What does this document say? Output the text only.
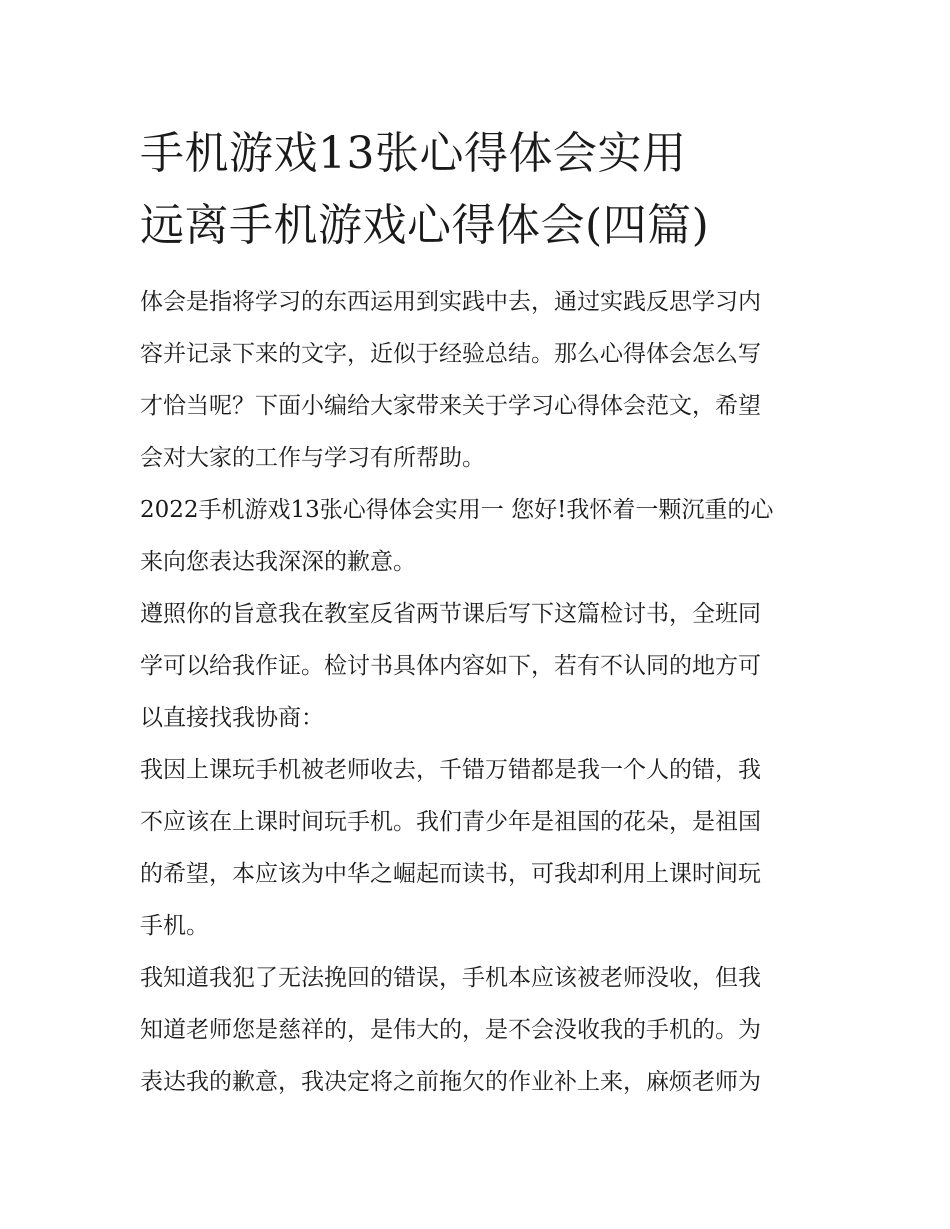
手机游戏13张心得体会实用
远离手机游戏心得体会(四篇)

体会是指将学习的东西运用到实践中去，通过实践反思学习内
容并记录下来的文字，近似于经验总结。那么心得体会怎么写
才恰当呢？下面小编给大家带来关于学习心得体会范文，希望
会对大家的工作与学习有所帮助。

2022手机游戏13张心得体会实用一 您好!我怀着一颗沉重的心
来向您表达我深深的歉意。

遵照你的旨意我在教室反省两节课后写下这篇检讨书，全班同
学可以给我作证。检讨书具体内容如下，若有不认同的地方可
以直接找我协商：

我因上课玩手机被老师收去，千错万错都是我一个人的错，我
不应该在上课时间玩手机。我们青少年是祖国的花朵，是祖国
的希望，本应该为中华之崛起而读书，可我却利用上课时间玩
手机。

我知道我犯了无法挽回的错误，手机本应该被老师没收，但我
知道老师您是慈祥的，是伟大的，是不会没收我的手机的。为
表达我的歉意，我决定将之前拖欠的作业补上来，麻烦老师为
